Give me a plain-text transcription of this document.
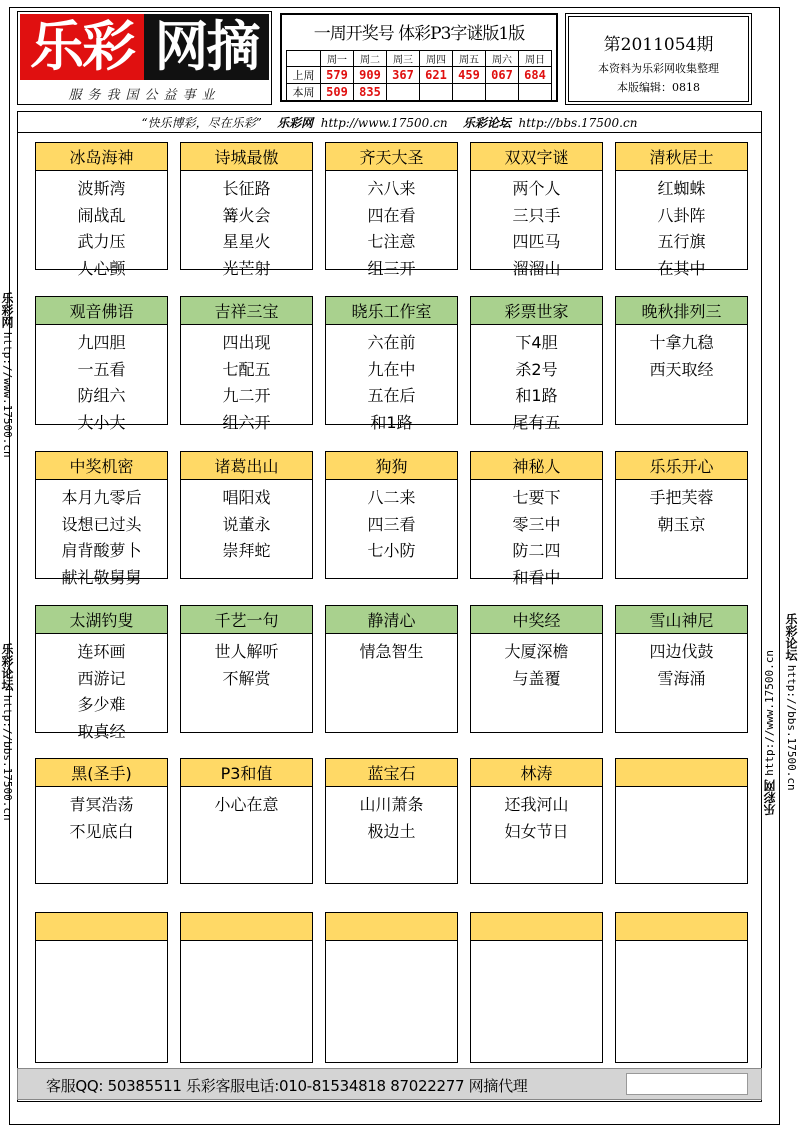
乐彩 网摘
服务我国公益事业
一周开奖号 体彩P3字谜版1版
	周一	周二	周三	周四	周五	周六	周日
上周	579	909	367	621	459	067	684
本周	509	835					
第2011054期
本资料为乐彩网收集整理
本版编辑：0818
“快乐博彩，尽在乐彩” 乐彩网 http://www.17500.cn 乐彩论坛 http://bbs.17500.cn
冰岛海神
波斯湾
闹战乱
武力压
人心颤
诗城最傲
长征路
篝火会
星星火
光芒射
齐天大圣
六八来
四在看
七注意
组三开
双双字谜
两个人
三只手
四匹马
溜溜山
清秋居士
红蜘蛛
八卦阵
五行旗
在其中
观音佛语
九四胆
一五看
防组六
大小大
吉祥三宝
四出现
七配五
九二开
组六开
晓乐工作室
六在前
九在中
五在后
和1路
彩票世家
下4胆
杀2号
和1路
尾有五
晚秋排列三
十拿九稳
西天取经
中奖机密
本月九零后
设想已过头
肩背酸萝卜
献礼敬舅舅
诸葛出山
唱阳戏
说董永
崇拜蛇
狗狗
八二来
四三看
七小防
神秘人
七要下
零三中
防二四
和看中
乐乐开心
手把芙蓉
朝玉京
太湖钓叟
连环画
西游记
多少难
取真经
千艺一句
世人解听
不解赏
静清心
情急智生
中奖经
大厦深檐
与盖覆
雪山神尼
四边伐鼓
雪海涌
黑(圣手)
青冥浩荡
不见底白
P3和值
小心在意
蓝宝石
山川萧条
极边土
林涛
还我河山
妇女节日
客服QQ: 50385511 乐彩客服电话:010-81534818 87022277 网摘代理
乐彩网 http://www.17500.cn
乐彩论坛 http://bbs.17500.cn	乐彩网 http://www.17500.cn
乐彩论坛 http://bbs.17500.cn
